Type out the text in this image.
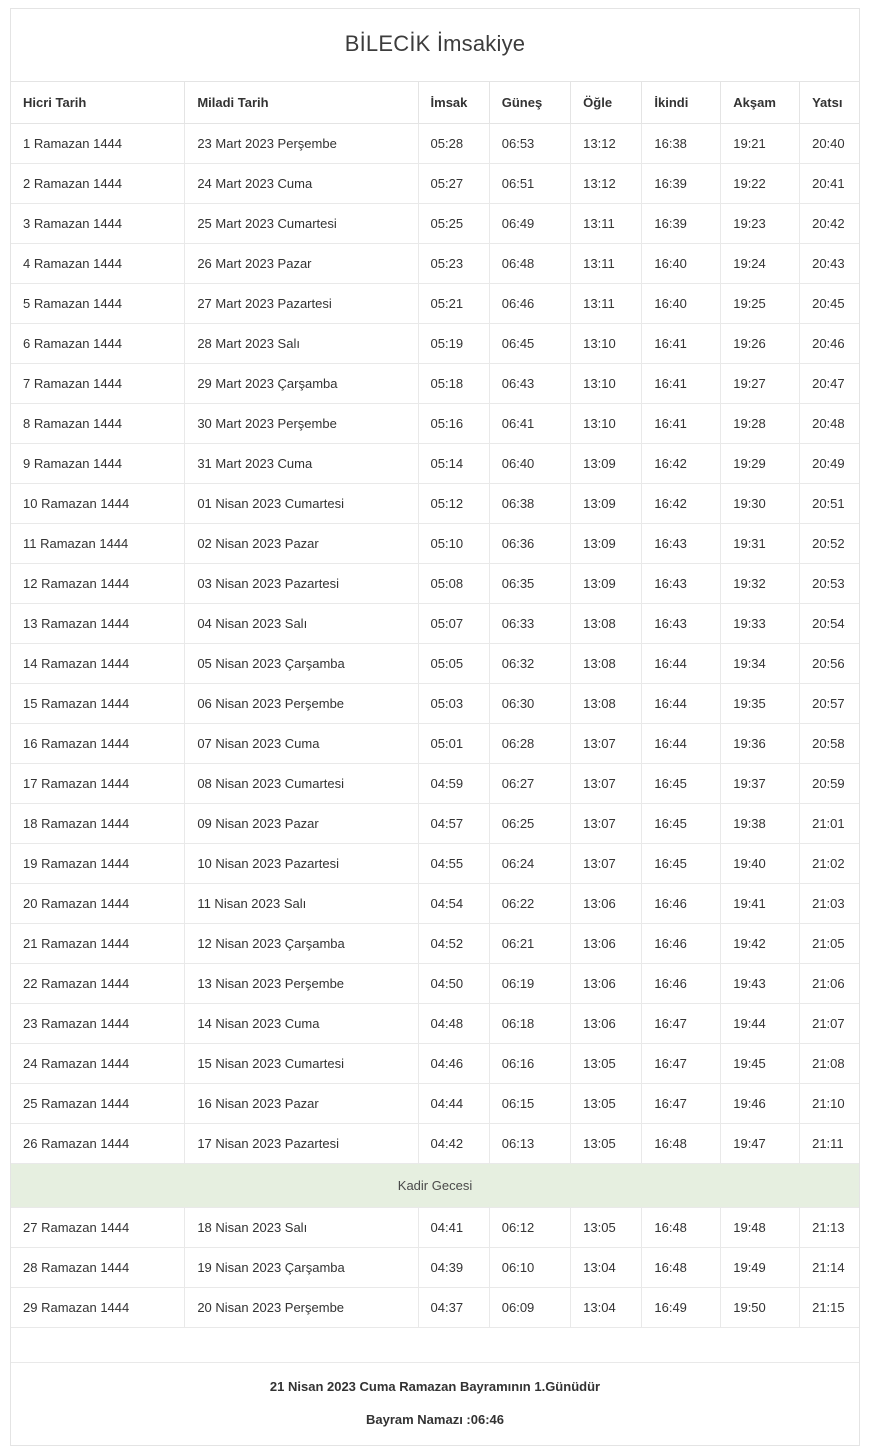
BİLECİK İmsakiye							
Hicri Tarih	Miladi Tarih	İmsak	Güneş	Öğle	İkindi	Akşam	Yatsı
1 Ramazan 1444	23 Mart 2023 Perşembe	05:28	06:53	13:12	16:38	19:21	20:40
2 Ramazan 1444	24 Mart 2023 Cuma	05:27	06:51	13:12	16:39	19:22	20:41
3 Ramazan 1444	25 Mart 2023 Cumartesi	05:25	06:49	13:11	16:39	19:23	20:42
4 Ramazan 1444	26 Mart 2023 Pazar	05:23	06:48	13:11	16:40	19:24	20:43
5 Ramazan 1444	27 Mart 2023 Pazartesi	05:21	06:46	13:11	16:40	19:25	20:45
6 Ramazan 1444	28 Mart 2023 Salı	05:19	06:45	13:10	16:41	19:26	20:46
7 Ramazan 1444	29 Mart 2023 Çarşamba	05:18	06:43	13:10	16:41	19:27	20:47
8 Ramazan 1444	30 Mart 2023 Perşembe	05:16	06:41	13:10	16:41	19:28	20:48
9 Ramazan 1444	31 Mart 2023 Cuma	05:14	06:40	13:09	16:42	19:29	20:49
10 Ramazan 1444	01 Nisan 2023 Cumartesi	05:12	06:38	13:09	16:42	19:30	20:51
11 Ramazan 1444	02 Nisan 2023 Pazar	05:10	06:36	13:09	16:43	19:31	20:52
12 Ramazan 1444	03 Nisan 2023 Pazartesi	05:08	06:35	13:09	16:43	19:32	20:53
13 Ramazan 1444	04 Nisan 2023 Salı	05:07	06:33	13:08	16:43	19:33	20:54
14 Ramazan 1444	05 Nisan 2023 Çarşamba	05:05	06:32	13:08	16:44	19:34	20:56
15 Ramazan 1444	06 Nisan 2023 Perşembe	05:03	06:30	13:08	16:44	19:35	20:57
16 Ramazan 1444	07 Nisan 2023 Cuma	05:01	06:28	13:07	16:44	19:36	20:58
17 Ramazan 1444	08 Nisan 2023 Cumartesi	04:59	06:27	13:07	16:45	19:37	20:59
18 Ramazan 1444	09 Nisan 2023 Pazar	04:57	06:25	13:07	16:45	19:38	21:01
19 Ramazan 1444	10 Nisan 2023 Pazartesi	04:55	06:24	13:07	16:45	19:40	21:02
20 Ramazan 1444	11 Nisan 2023 Salı	04:54	06:22	13:06	16:46	19:41	21:03
21 Ramazan 1444	12 Nisan 2023 Çarşamba	04:52	06:21	13:06	16:46	19:42	21:05
22 Ramazan 1444	13 Nisan 2023 Perşembe	04:50	06:19	13:06	16:46	19:43	21:06
23 Ramazan 1444	14 Nisan 2023 Cuma	04:48	06:18	13:06	16:47	19:44	21:07
24 Ramazan 1444	15 Nisan 2023 Cumartesi	04:46	06:16	13:05	16:47	19:45	21:08
25 Ramazan 1444	16 Nisan 2023 Pazar	04:44	06:15	13:05	16:47	19:46	21:10
26 Ramazan 1444	17 Nisan 2023 Pazartesi	04:42	06:13	13:05	16:48	19:47	21:11
Kadir Gecesi							
27 Ramazan 1444	18 Nisan 2023 Salı	04:41	06:12	13:05	16:48	19:48	21:13
28 Ramazan 1444	19 Nisan 2023 Çarşamba	04:39	06:10	13:04	16:48	19:49	21:14
29 Ramazan 1444	20 Nisan 2023 Perşembe	04:37	06:09	13:04	16:49	19:50	21:15

21 Nisan 2023 Cuma Ramazan Bayramının 1.Günüdür
Bayram Namazı :06:46
